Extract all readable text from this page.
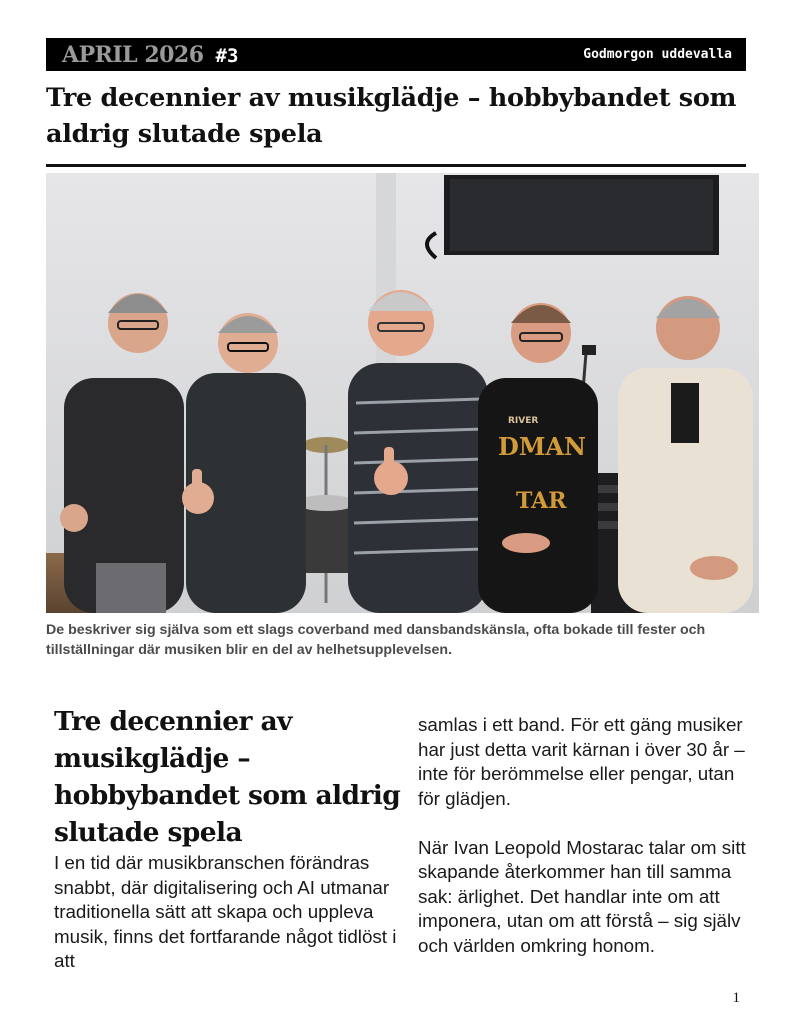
APRIL 2026 #3	Godmorgon uddevalla
Tre decennier av musikglädje – hobbybandet som aldrig slutade spela
RIVER
DMAN
TAR

De beskriver sig själva som ett slags coverband med dansbandskänsla, ofta bokade till fester och tillställningar där musiken blir en del av helhetsupplevelsen.

Tre decennier av musikglädje – hobbybandet som aldrig slutade spela

I en tid där musikbranschen förändras snabbt, där digitalisering och AI utmanar traditionella sätt att skapa och uppleva musik, finns det fortfarande något tidlöst i att

samlas i ett band. För ett gäng musiker har just detta varit kärnan i över 30 år – inte för berömmelse eller pengar, utan för glädjen.

När Ivan Leopold Mostarac talar om sitt skapande återkommer han till samma sak: ärlighet. Det handlar inte om att imponera, utan om att förstå – sig själv och världen omkring honom.

1
